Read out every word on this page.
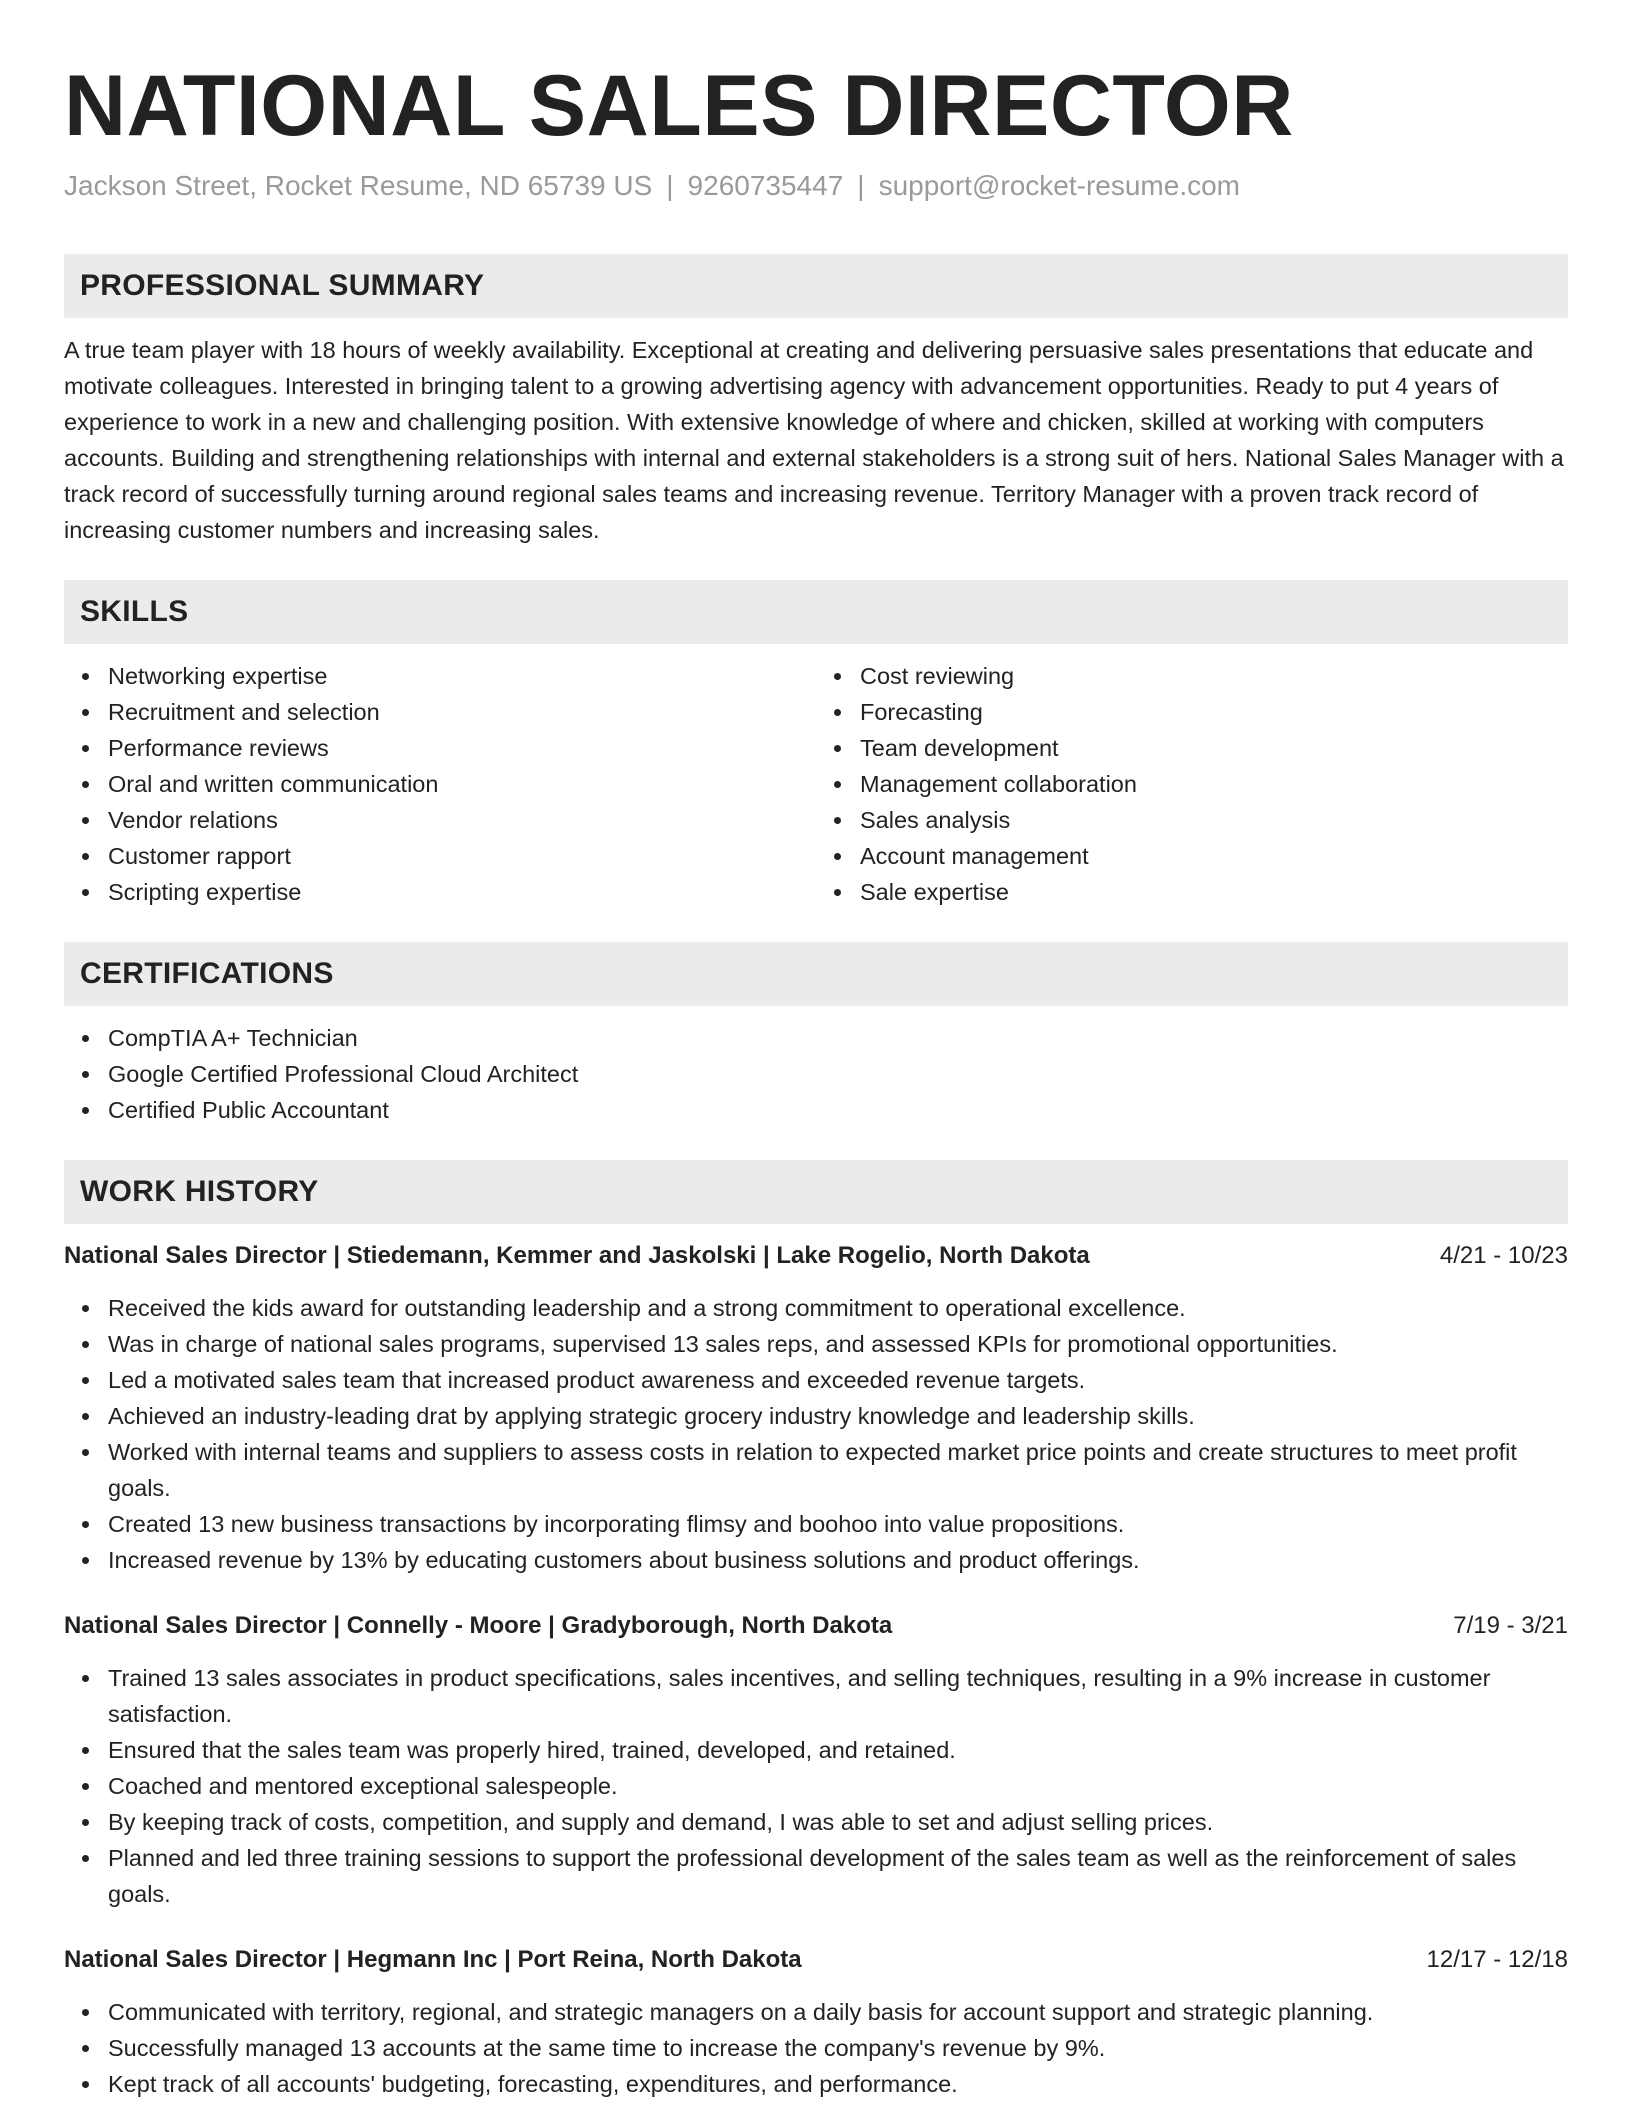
NATIONAL SALES DIRECTOR
Jackson Street, Rocket Resume, ND 65739 US | 9260735447 | support@rocket-resume.com
PROFESSIONAL SUMMARY
A true team player with 18 hours of weekly availability. Exceptional at creating and delivering persuasive sales presentations that educate and motivate colleagues. Interested in bringing talent to a growing advertising agency with advancement opportunities. Ready to put 4 years of experience to work in a new and challenging position. With extensive knowledge of where and chicken, skilled at working with computers accounts. Building and strengthening relationships with internal and external stakeholders is a strong suit of hers. National Sales Manager with a track record of successfully turning around regional sales teams and increasing revenue. Territory Manager with a proven track record of increasing customer numbers and increasing sales.
SKILLS
Networking expertise
Recruitment and selection
Performance reviews
Oral and written communication
Vendor relations
Customer rapport
Scripting expertise
Cost reviewing
Forecasting
Team development
Management collaboration
Sales analysis
Account management
Sale expertise
CERTIFICATIONS
CompTIA A+ Technician
Google Certified Professional Cloud Architect
Certified Public Accountant
WORK HISTORY
National Sales Director | Stiedemann, Kemmer and Jaskolski | Lake Rogelio, North Dakota	4/21 - 10/23
Received the kids award for outstanding leadership and a strong commitment to operational excellence.
Was in charge of national sales programs, supervised 13 sales reps, and assessed KPIs for promotional opportunities.
Led a motivated sales team that increased product awareness and exceeded revenue targets.
Achieved an industry-leading drat by applying strategic grocery industry knowledge and leadership skills.
Worked with internal teams and suppliers to assess costs in relation to expected market price points and create structures to meet profit goals.
Created 13 new business transactions by incorporating flimsy and boohoo into value propositions.
Increased revenue by 13% by educating customers about business solutions and product offerings.
National Sales Director | Connelly - Moore | Gradyborough, North Dakota	7/19 - 3/21
Trained 13 sales associates in product specifications, sales incentives, and selling techniques, resulting in a 9% increase in customer satisfaction.
Ensured that the sales team was properly hired, trained, developed, and retained.
Coached and mentored exceptional salespeople.
By keeping track of costs, competition, and supply and demand, I was able to set and adjust selling prices.
Planned and led three training sessions to support the professional development of the sales team as well as the reinforcement of sales goals.
National Sales Director | Hegmann Inc | Port Reina, North Dakota	12/17 - 12/18
Communicated with territory, regional, and strategic managers on a daily basis for account support and strategic planning.
Successfully managed 13 accounts at the same time to increase the company's revenue by 9%.
Kept track of all accounts' budgeting, forecasting, expenditures, and performance.
